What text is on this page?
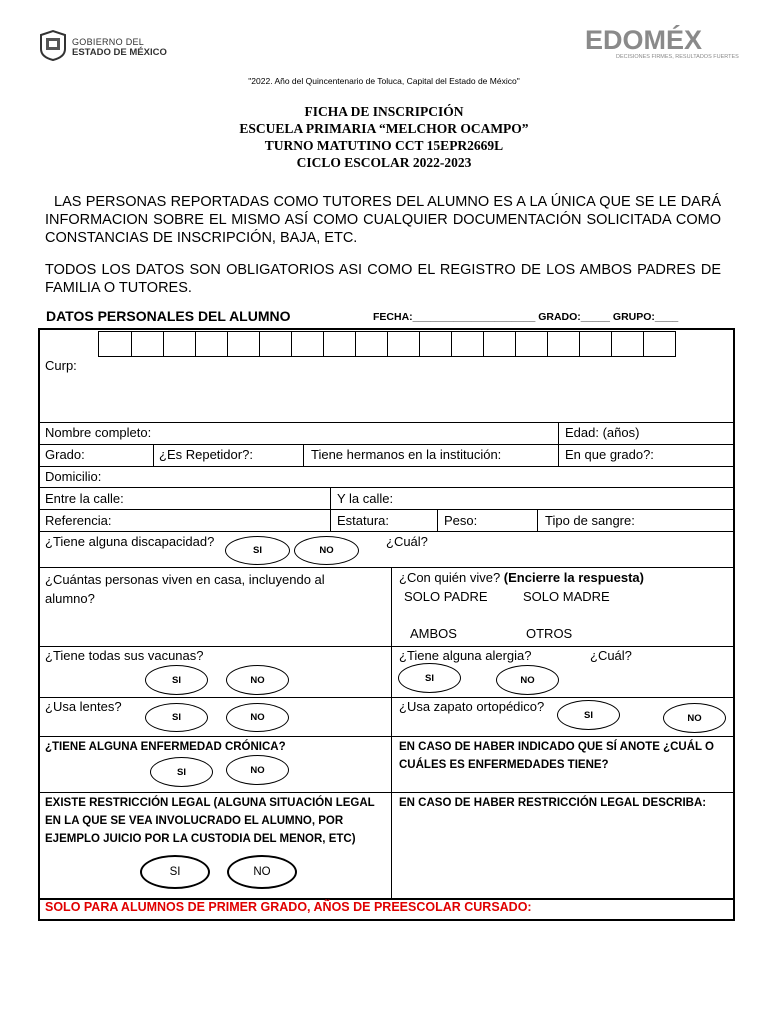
GOBIERNO DEL
ESTADO DE MÉXICO	EDOMÉX
DECISIONES FIRMES, RESULTADOS FUERTES
"2022. Año del Quincentenario de Toluca, Capital del Estado de México"
FICHA DE INSCRIPCIÓN
ESCUELA PRIMARIA “MELCHOR OCAMPO”
TURNO MATUTINO CCT 15EPR2669L
CICLO ESCOLAR 2022-2023
LAS PERSONAS REPORTADAS COMO TUTORES DEL ALUMNO ES A LA ÚNICA QUE SE LE DARÁ INFORMACION SOBRE EL MISMO ASÍ COMO CUALQUIER DOCUMENTACIÓN SOLICITADA COMO CONSTANCIAS DE INSCRIPCIÓN, BAJA, ETC.
TODOS LOS DATOS SON OBLIGATORIOS ASI COMO EL REGISTRO DE LOS AMBOS PADRES DE FAMILIA O TUTORES.
DATOS PERSONALES DEL ALUMNO	FECHA:_____________________ GRADO:_____ GRUPO:____
Curp:
Nombre completo:	Edad: (años)
Grado:	¿Es Repetidor?:	Tiene hermanos en la institución:	En que grado?:
Domicilio:
Entre la calle:	Y la calle:
Referencia:	Estatura:	Peso:	Tipo de sangre:
¿Tiene alguna discapacidad?
SI	NO
¿Cuál?
¿Cuántas personas viven en casa, incluyendo al alumno?
¿Con quién vive? (Encierre la respuesta)
SOLO PADRE	SOLO MADRE
AMBOS	OTROS
¿Tiene todas sus vacunas?
SI	NO
¿Tiene alguna alergia?	¿Cuál?
SI	NO
¿Usa lentes?
SI	NO
¿Usa zapato ortopédico?
SI	NO
¿TIENE ALGUNA ENFERMEDAD CRÓNICA?
SI	NO
EN CASO DE HABER INDICADO QUE SÍ ANOTE ¿CUÁL O CUÁLES ES ENFERMEDADES TIENE?
EXISTE RESTRICCIÓN LEGAL (ALGUNA SITUACIÓN LEGAL EN LA QUE SE VEA INVOLUCRADO EL ALUMNO, POR EJEMPLO JUICIO POR LA CUSTODIA DEL MENOR, ETC)
SI	NO
EN CASO DE HABER RESTRICCIÓN LEGAL DESCRIBA:
SOLO PARA ALUMNOS DE PRIMER GRADO, AÑOS DE PREESCOLAR CURSADO:
